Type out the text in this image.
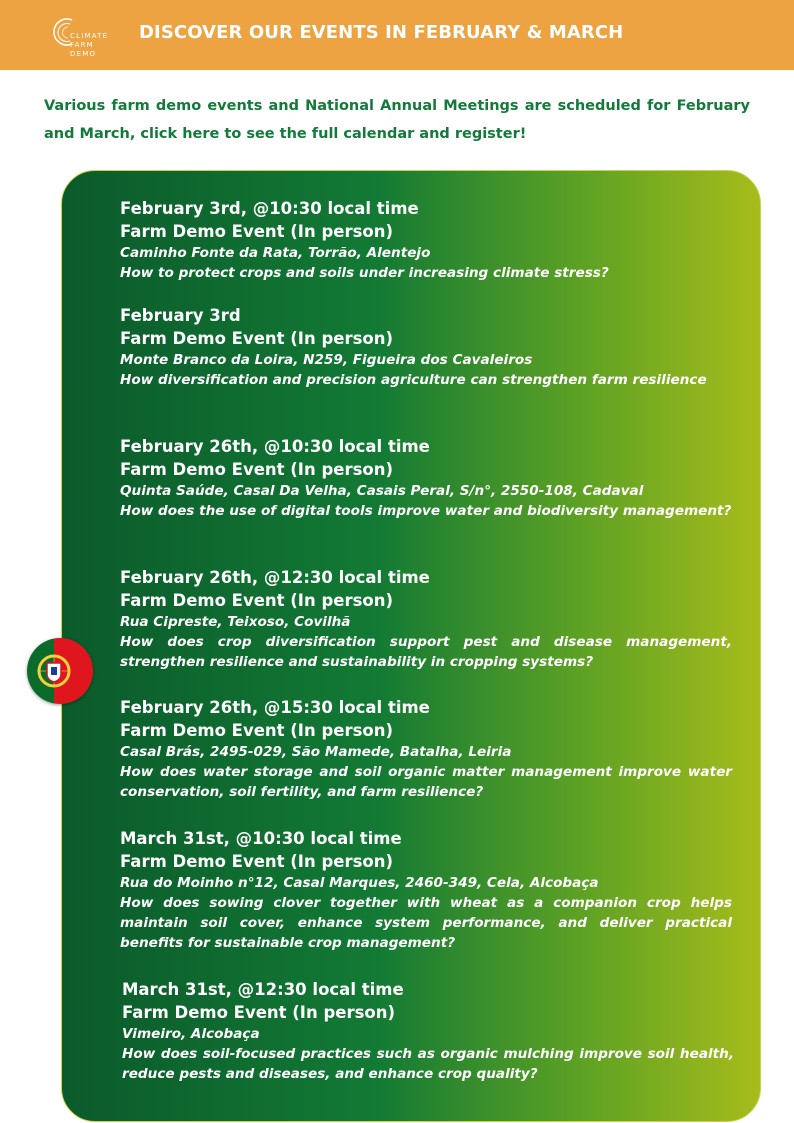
CLIMATE
FARM
DEMO
DISCOVER OUR EVENTS IN FEBRUARY & MARCH
Various farm demo events and National Annual Meetings are scheduled for February and March, click here to see the full calendar and register!
February 3rd, @10:30 local time
Farm Demo Event (In person)
Caminho Fonte da Rata, Torrão, Alentejo
How to protect crops and soils under increasing climate stress?
February 3rd
Farm Demo Event (In person)
Monte Branco da Loira, N259, Figueira dos Cavaleiros
How diversification and precision agriculture can strengthen farm resilience
February 26th, @10:30 local time
Farm Demo Event (In person)
Quinta Saúde, Casal Da Velha, Casais Peral, S/n°, 2550-108, Cadaval
How does the use of digital tools improve water and biodiversity management?
February 26th, @12:30 local time
Farm Demo Event (In person)
Rua Cipreste, Teixoso, Covilhã
How does crop diversification support pest and disease management, strengthen resilience and sustainability in cropping systems?
February 26th, @15:30 local time
Farm Demo Event (In person)
Casal Brás, 2495-029, São Mamede, Batalha, Leiria
How does water storage and soil organic matter management improve water conservation, soil fertility, and farm resilience?
March 31st, @10:30 local time
Farm Demo Event (In person)
Rua do Moinho n°12, Casal Marques, 2460-349, Cela, Alcobaça
How does sowing clover together with wheat as a companion crop helps maintain soil cover, enhance system performance, and deliver practical benefits for sustainable crop management?
March 31st, @12:30 local time
Farm Demo Event (In person)
Vimeiro, Alcobaça
How does soil-focused practices such as organic mulching improve soil health, reduce pests and diseases, and enhance crop quality?
